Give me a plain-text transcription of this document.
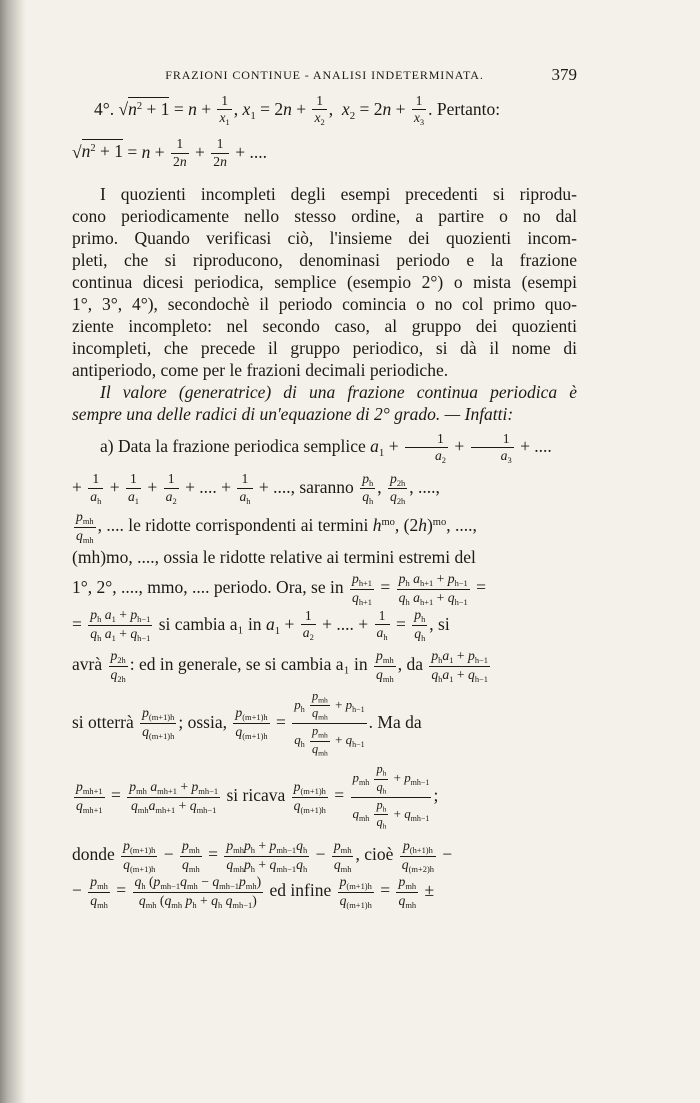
FRAZIONI CONTINUE - ANALISI INDETERMINATA.	379
4°. $√n^2 + 1 = n + \frac{1}{x_1}$ , $x_1 = 2n + \frac{1}{x_2}$ ,  $x_2 = 2n + \frac{1}{x_3}$ . Pertanto:
$√n^2 + 1 = n + \frac{1}{2n} + \frac{1}{2n}$ + ....
I quozienti incompleti degli esempi precedenti si riprodu-
cono periodicamente nello stesso ordine, a partire o no dal
primo. Quando verificasi ciò, l'insieme dei quozienti incom-
pleti, che si riproducono, denominasi periodo e la frazione
continua dicesi periodica, semplice (esempio 2°) o mista (esempi
1°, 3°, 4°), secondochè il periodo comincia o no col primo quo-
ziente incompleto: nel secondo caso, al gruppo dei quozienti
incompleti, che precede il gruppo periodico, si dà il nome di
antiperiodo, come per le frazioni decimali periodiche.
Il valore (generatrice) di una frazione continua periodica è
sempre una delle radici di un'equazione di 2° grado. — Infatti:
a) Data la frazione periodica semplice $a_1 + \frac{1}{a_2} + \frac{1}{a_3}$ + ....
+ $\frac{1}{a_h} + \frac{1}{a_1} + \frac{1}{a_2}$ + .... + $\frac{1}{a_h}$ + ...., saranno $\frac{p_h}{q_h}$ , $\frac{p_{2h}}{q_{2h}}$ , ....,
$\frac{p_{mh}}{q_{mh}}$ , .... le ridotte corrispondenti ai termini $h^{mo}$, $(2h)^{mo}$, ....,
(mh)mo, ...., ossia le ridotte relative ai termini estremi del
1°, 2°, ...., mmo, .... periodo. Ora, se in $\frac{p_{h+1}}{q_{h+1}} = \frac{p_h a_{h+1} + p_{h-1}}{q_h a_{h+1} + q_{h-1}}$ =
= $\frac{p_h a_1 + p_{h-1}}{q_h a_1 + q_{h-1}}$ si cambia a₁ in $a_1 + \frac{1}{a_2}$ + .... + $\frac{1}{a_h} = \frac{p_h}{q_h}$ , si
avrà $\frac{p_{2h}}{q_{2h}}$ : ed in generale, se si cambia a₁ in $\frac{p_{mh}}{q_{mh}}$ , da $\frac{p_ha_1 + p_{h-1}}{q_ha_1 + q_{h-1}}$
si otterrà $\frac{p_{(m+1)h}}{q_{(m+1)h}}$ ; ossia, $\frac{p_{(m+1)h}}{q_{(m+1)h}} = \frac{p_h \frac{p_{mh}}{q_{mh}} + p_{h-1}}{q_h \frac{p_{mh}}{q_{mh}} + q_{h-1}}$ . Ma da
$\frac{p_{mh+1}}{q_{mh+1}} = \frac{p_{mh} a_{mh+1} + p_{mh-1}}{q_{mh}a_{mh+1} + q_{mh-1}}$ si ricava $\frac{p_{(m+1)h}}{q_{(m+1)h}} = \frac{p_{mh} \frac{p_h}{q_h} + p_{mh-1}}{q_{mh} \frac{p_h}{q_h} + q_{mh-1}}$ ;
donde $\frac{p_{(m+1)h}}{q_{(m+1)h}} - \frac{p_{mh}}{q_{mh}} = \frac{p_{mh}p_h + p_{mh-1}q_h}{q_{mh}p_h + q_{mh-1}q_h} - \frac{p_{mh}}{q_{mh}}$ , cioè $\frac{p_{(h+1)h}}{q_{(m+2)h}}$ −
− $\frac{p_{mh}}{q_{mh}} = \frac{q_h (p_{mh-1}q_{mh} - q_{mh-1}p_{mh})}{q_{mh} (q_{mh} p_h + q_h q_{mh-1})}$ ed infine $\frac{p_{(m+1)h}}{q_{(m+1)h}} = \frac{p_{mh}}{q_{mh}}$ ±
